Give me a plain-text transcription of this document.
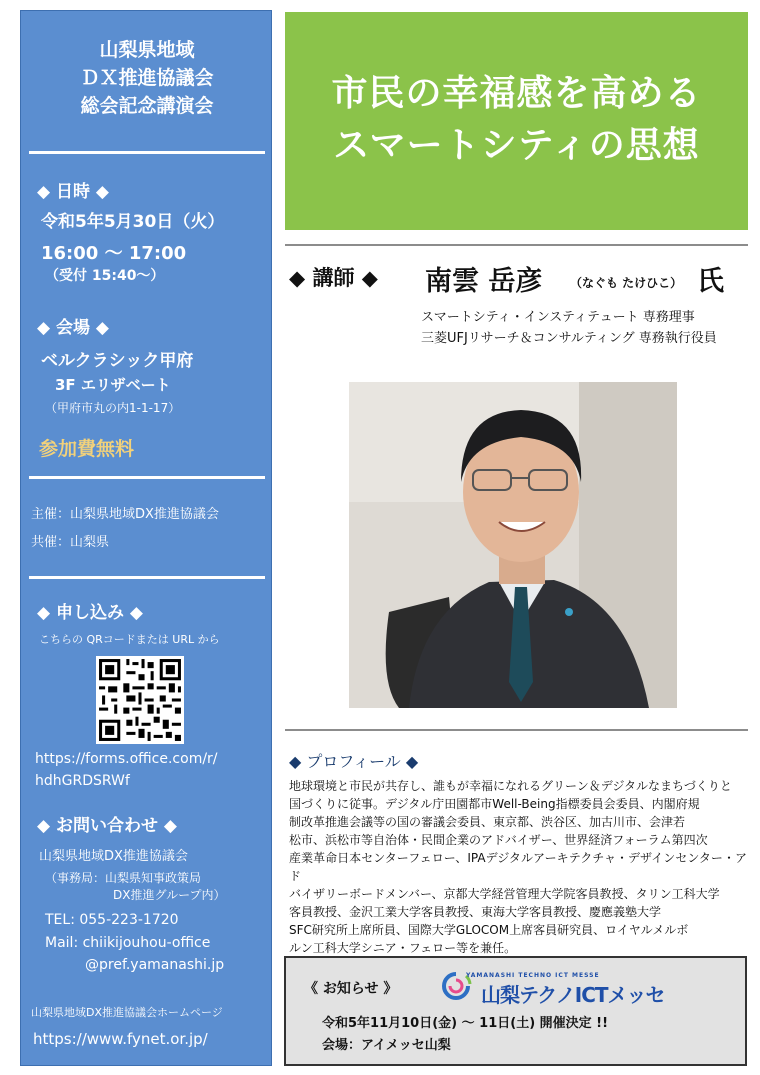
山梨県地域
ＤＸ推進協議会
総会記念講演会
◆ 日時 ◆
令和5年5月30日（火）
16:00 ～ 17:00
（受付 15:40～）
◆ 会場 ◆
ベルクラシック甲府
3F エリザベート
（甲府市丸の内1-1-17）
参加費無料
主催：山梨県地域DX推進協議会
共催：山梨県
◆ 申し込み ◆
こちらの QRコードまたは URL から
https://forms.office.com/r/
hdhGRDSRWf
◆ お問い合わせ ◆
山梨県地域DX推進協議会
（事務局：山梨県知事政策局
DX推進グループ内）
TEL: 055-223-1720
Mail: chiikijouhou-office
@pref.yamanashi.jp
山梨県地域DX推進協議会ホームページ
https://www.fynet.or.jp/
市民の幸福感を高める
スマートシティの思想
◆ 講師 ◆ 南雲 岳彦 （なぐも たけひこ） 氏
スマートシティ・インスティテュート 専務理事
三菱UFJリサーチ＆コンサルティング 専務執行役員
◆ プロフィール ◆
地球環境と市民が共存し、誰もが幸福になれるグリーン＆デジタルなまちづくりと
国づくりに従事。デジタル庁田園都市Well-Being指標委員会委員、内閣府規
制改革推進会議等の国の審議会委員、東京都、渋谷区、加古川市、会津若
松市、浜松市等自治体・民間企業のアドバイザー、世界経済フォーラム第四次
産業革命日本センターフェロー、IPAデジタルアーキテクチャ・デザインセンター・アド
バイザリーボードメンバー、京都大学経営管理大学院客員教授、タリン工科大学
客員教授、金沢工業大学客員教授、東海大学客員教授、慶應義塾大学
SFC研究所上席所員、国際大学GLOCOM上席客員研究員、ロイヤルメルボ
ルン工科大学シニア・フェロー等を兼任。
《 お知らせ 》
YAMANASHI TECHNO ICT MESSE
山梨テクノICTメッセ
令和5年11月10日(金) ～ 11日(土) 開催決定 !!
会場：アイメッセ山梨
